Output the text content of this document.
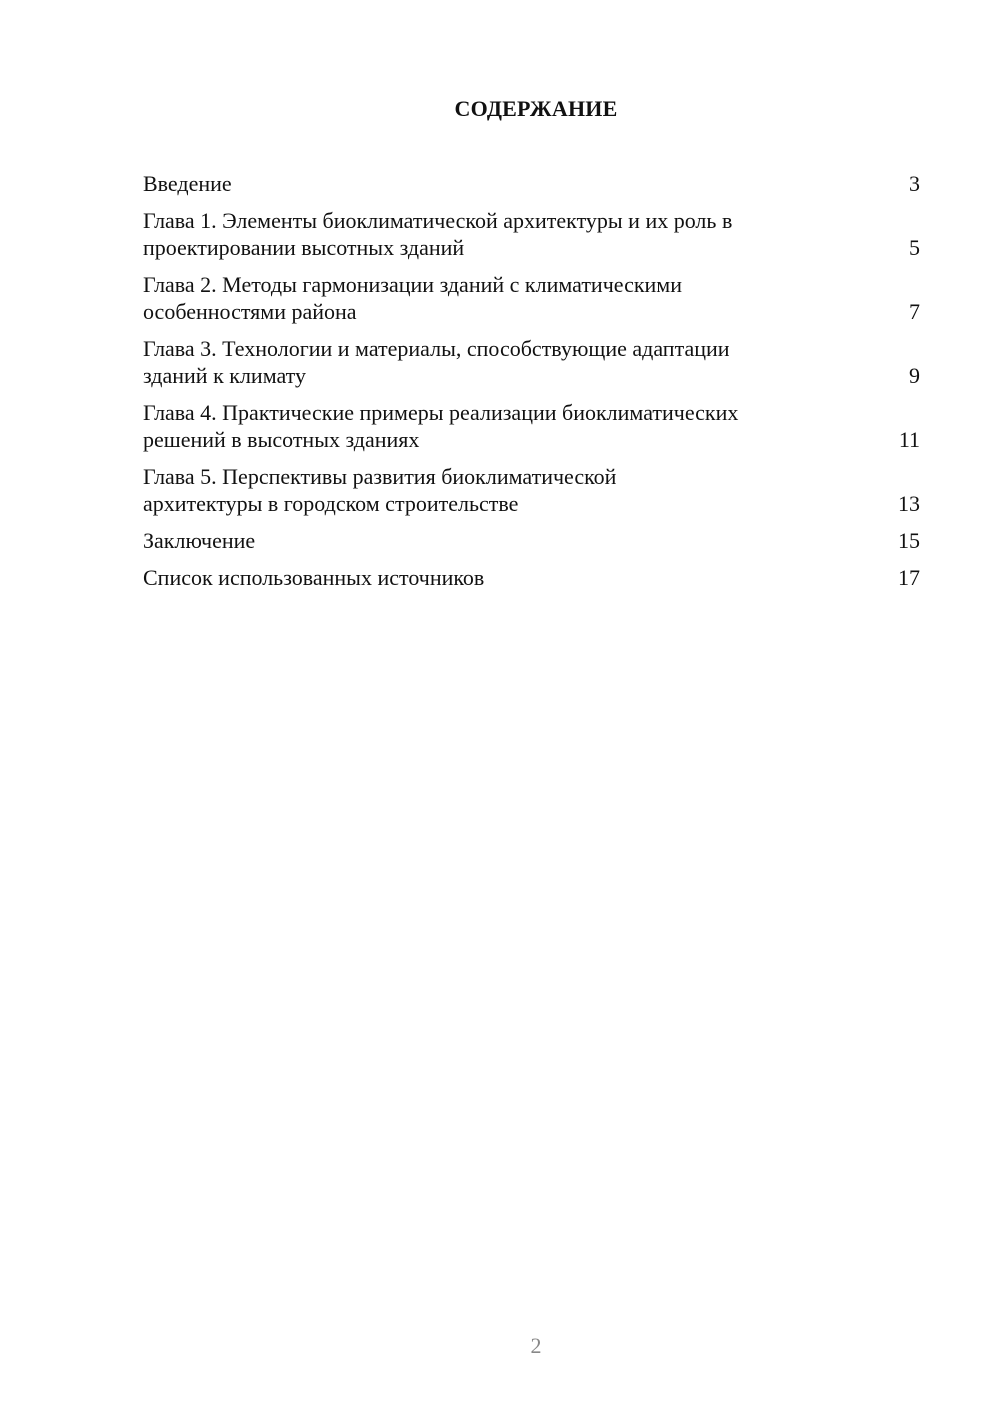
СОДЕРЖАНИЕ
Введение	3
Глава 1. Элементы биоклиматической архитектуры и их роль в
проектировании высотных зданий	5
Глава 2. Методы гармонизации зданий с климатическими
особенностями района	7
Глава 3. Технологии и материалы, способствующие адаптации
зданий к климату	9
Глава 4. Практические примеры реализации биоклиматических
решений в высотных зданиях	11
Глава 5. Перспективы развития биоклиматической
архитектуры в городском строительстве	13
Заключение	15
Список использованных источников	17
2
